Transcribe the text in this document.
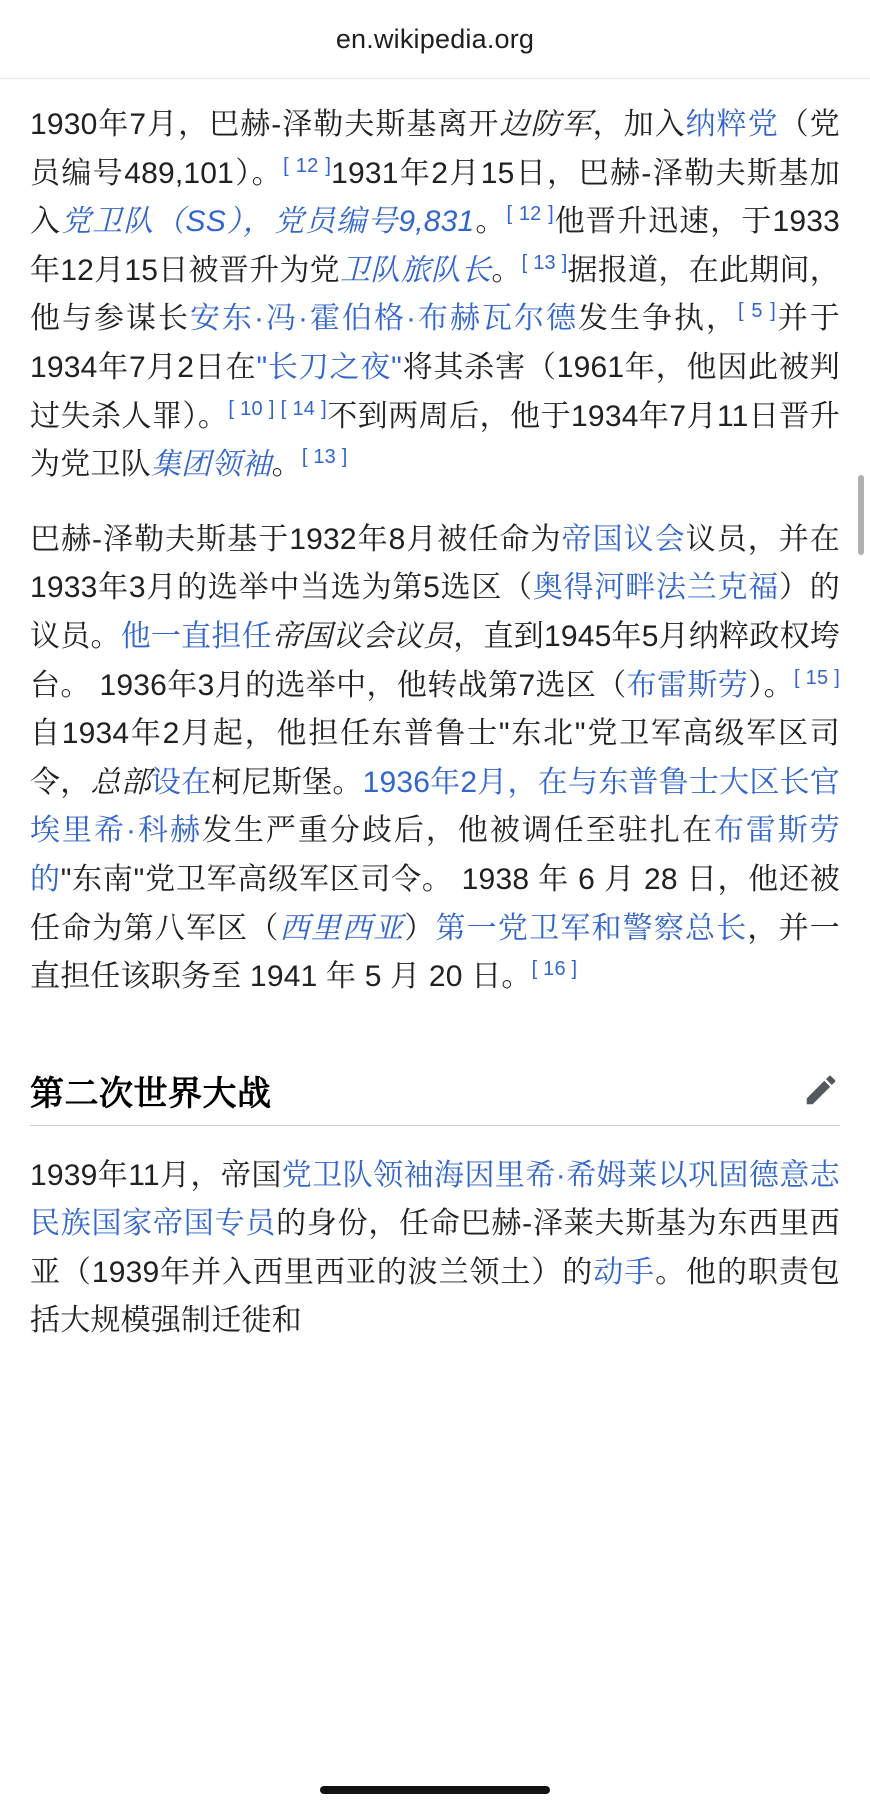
en.wikipedia.org

1930年7月，巴赫-泽勒夫斯基离开边防军，加入纳粹党（党员编号489,101）。[ 12 ]1931年2月15日，巴赫-泽勒夫斯基加入党卫队（SS），党员编号9,831。[ 12 ]他晋升迅速，于1933年12月15日被晋升为党卫队旅队长。[ 13 ]据报道，在此期间，他与参谋长安东·冯·霍伯格·布赫瓦尔德发生争执，[ 5 ]并于1934年7月2日在"长刀之夜"将其杀害（1961年，他因此被判过失杀人罪）。[ 10 ] [ 14 ]不到两周后，他于1934年7月11日晋升为党卫队集团领袖。[ 13 ]

巴赫-泽勒夫斯基于1932年8月被任命为帝国议会议员，并在1933年3月的选举中当选为第5选区（奥得河畔法兰克福）的议员。他一直担任帝国议会议员，直到1945年5月纳粹政权垮台。 1936年3月的选举中，他转战第7选区（布雷斯劳）。[ 15 ]自1934年2月起，他担任东普鲁士"东北"党卫军高级军区司令，总部设在柯尼斯堡。1936年2月，在与东普鲁士大区长官埃里希·科赫发生严重分歧后，他被调任至驻扎在布雷斯劳的"东南"党卫军高级军区司令。 1938 年 6 月 28 日，他还被任命为第八军区（西里西亚）第一党卫军和警察总长，并一直担任该职务至 1941 年 5 月 20 日。[ 16 ]

第二次世界大战

1939年11月，帝国党卫队领袖海因里希·希姆莱以巩固德意志民族国家帝国专员的身份，任命巴赫-泽莱夫斯基为东西里西亚（1939年并入西里西亚的波兰领土）的动手。他的职责包括大规模强制迁徙和
